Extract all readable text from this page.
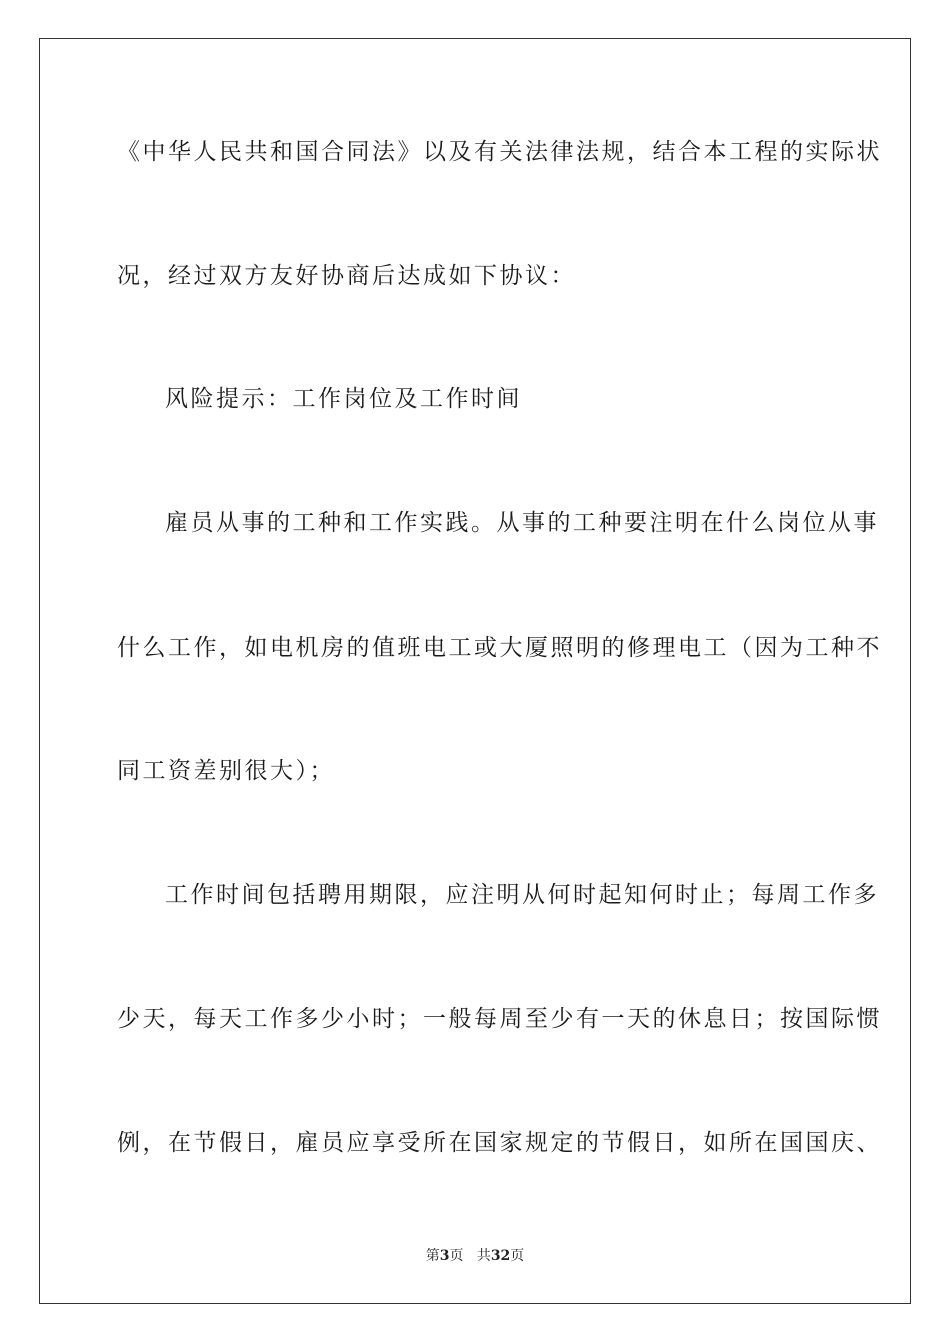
《中华人民共和国合同法》以及有关法律法规，结合本工程的实际状
况，经过双方友好协商后达成如下协议：
风险提示：工作岗位及工作时间
雇员从事的工种和工作实践。从事的工种要注明在什么岗位从事
什么工作，如电机房的值班电工或大厦照明的修理电工（因为工种不
同工资差别很大）；
工作时间包括聘用期限，应注明从何时起知何时止；每周工作多
少天，每天工作多少小时；一般每周至少有一天的休息日；按国际惯
例，在节假日，雇员应享受所在国家规定的节假日，如所在国国庆、
第3页 共32页
